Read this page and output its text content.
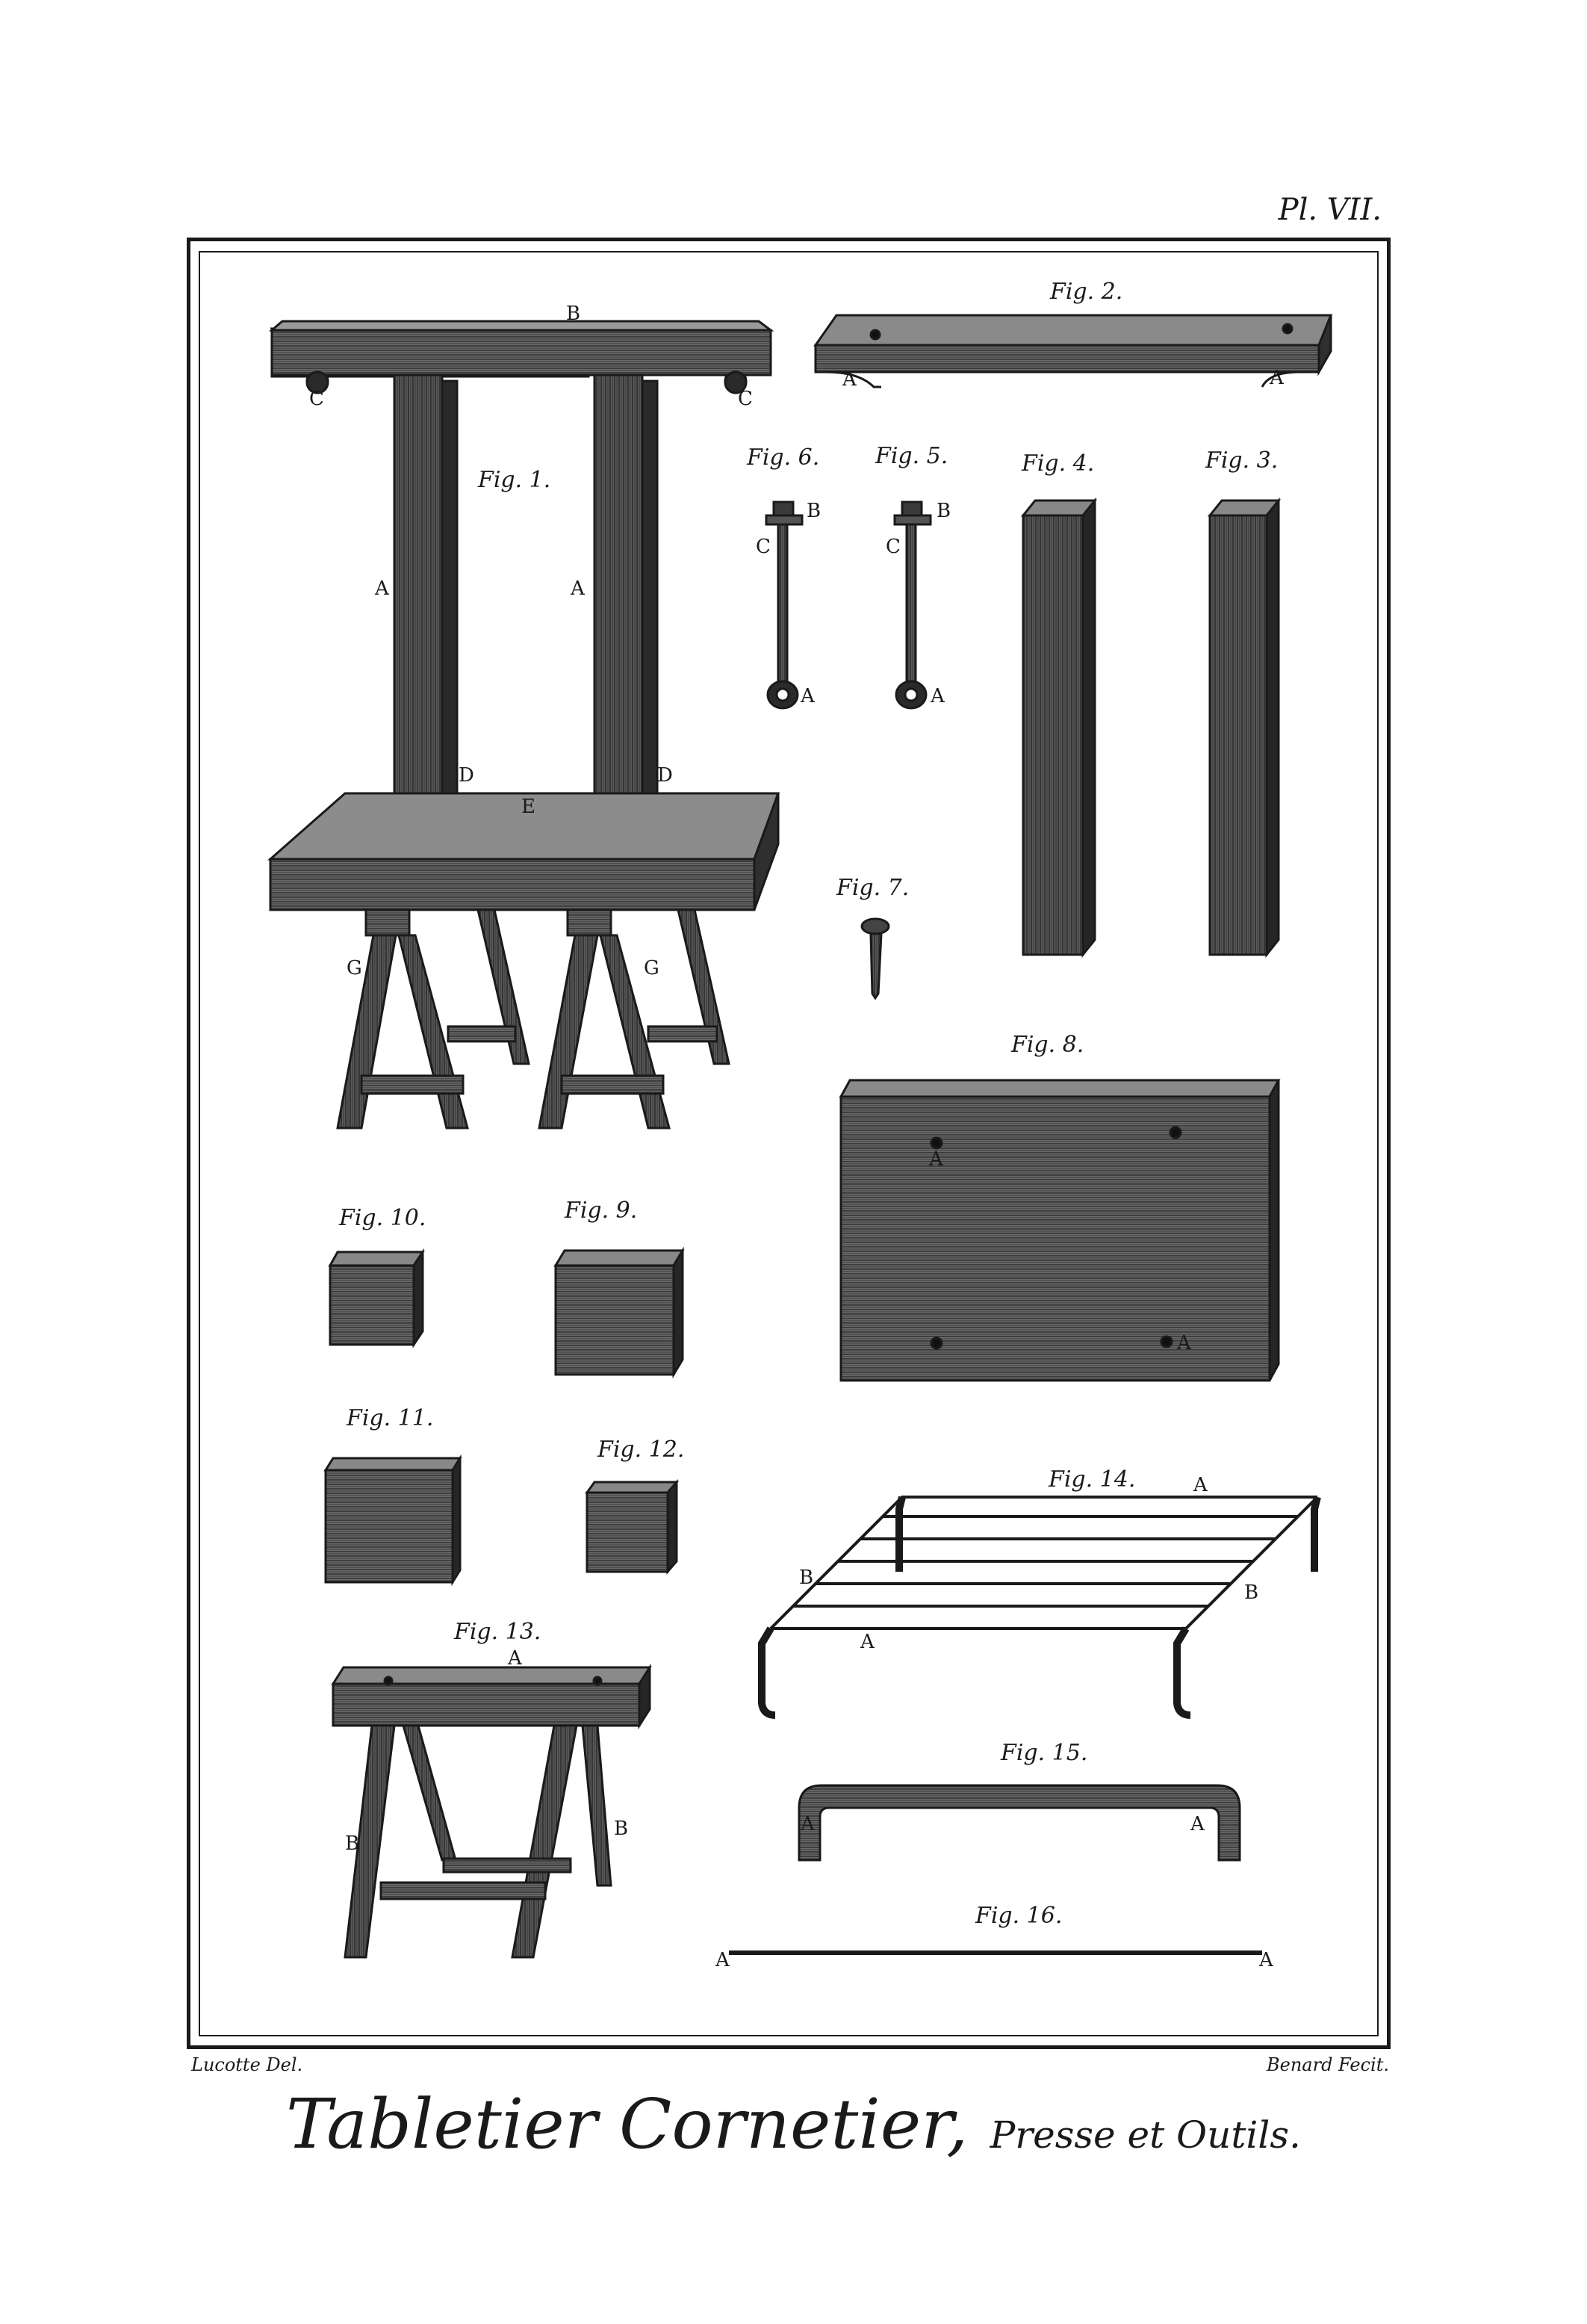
Pl. VII.
Fig. 1.
B
C	C
A	A
D	D
E
G	G
Fig. 2.
A	A
Fig. 6. Fig. 5.
B
C
A
B
C
A
Fig. 4.	Fig. 3.
Fig. 7.
Fig. 8.
A
A
Fig. 10.	Fig. 9.
Fig. 11.
Fig. 12.
Fig. 14.	A
B
B
A
Fig. 13.
A
B
B
Fig. 15.
A	A
Fig. 16.
A	A
Lucotte Del.	Benard Fecit.
Tabletier Cornetier, Presse et Outils.
